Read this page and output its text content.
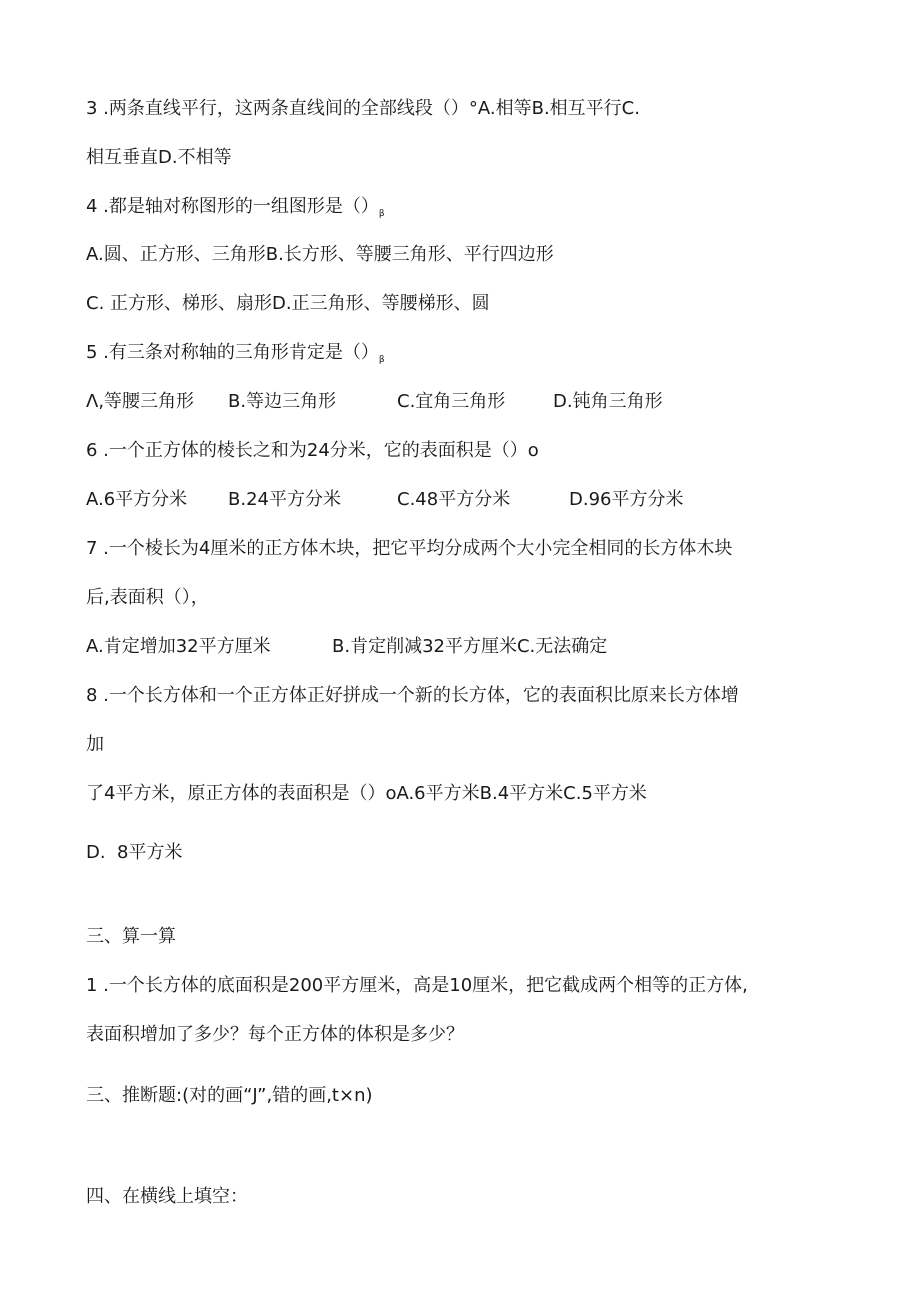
3 .两条直线平行，这两条直线间的全部线段（）°A.相等B.相互平行C.
相互垂直D.不相等
4 .都是轴对称图形的一组图形是$()_\beta$
A.圆、正方形、三角形B.长方形、等腰三角形、平行四边形
C. 正方形、梯形、扇形D.正三角形、等腰梯形、圆
5 .有三条对称轴的三角形肯定是$()_\beta$
Λ,等腰三角形 B.等边三角形	C.宜角三角形	D.钝角三角形
6 .一个正方体的棱长之和为24分米，它的表面积是（）o
A.6平方分米 B.24平方分米	C.48平方分米	D.96平方分米
7 .一个棱长为4厘米的正方体木块，把它平均分成两个大小完全相同的长方体木块
后,表面积（），
A.肯定增加32平方厘米	B.肯定削减32平方厘米C.无法确定
8 .一个长方体和一个正方体正好拼成一个新的长方体，它的表面积比原来长方体增
加
了4平方米，原正方体的表面积是（）oA.6平方米B.4平方米C.5平方米
D.  8平方米
三、算一算
1 .一个长方体的底面积是200平方厘米，高是10厘米，把它截成两个相等的正方体,
表面积增加了多少？每个正方体的体积是多少？
三、推断题:(对的画“J”,错的画,t×n)
四、在横线上填空：
